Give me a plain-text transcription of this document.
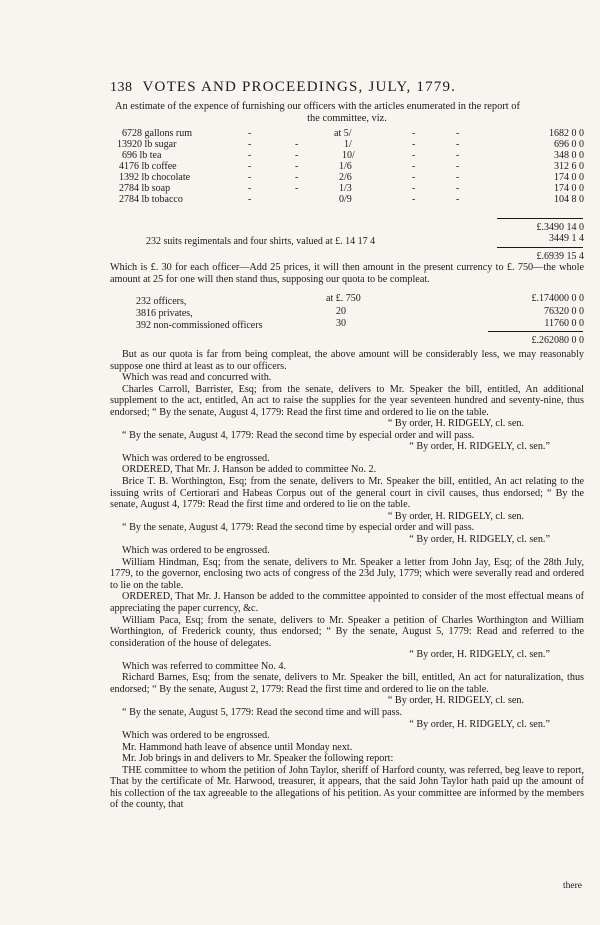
138 VOTES AND PROCEEDINGS, JULY, 1779.
An estimate of the expence of furnishing our officers with the articles enumerated in the report of
the committee, viz.
6728 gallons rum	at 5/	1682 0 0
13920 lb sugar	1/	696 0 0
696 lb tea	10/	348 0 0
4176 lb coffee	1/6	312 6 0
1392 lb chocolate	2/6	174 0 0
2784 lb soap	1/3	174 0 0
2784 lb tobacco	0/9	104 8 0
-
-
-
-
-
-
-
-
-
-
-
-
-
-
-
-
-
-
-
-
-
-
-
-
-
-
£.3490 14 0
232 suits regimentals and four shirts, valued at £. 14 17 4	3449 1 4
£.6939 15 4
Which is £. 30 for each officer—Add 25 prices, it will then amount in the present currency to £. 750—the whole amount at 25 for one will then stand thus, supposing our quota to be compleat.
232 officers,	at £. 750	£.174000 0 0
3816 privates,	20	76320 0 0
392 non-commissioned officers	30	11760 0 0
£.262080 0 0

But as our quota is far from being compleat, the above amount will be considerably less, we may reasonably suppose one third at least as to our officers.

Which was read and concurred with.

Charles Carroll, Barrister, Esq; from the senate, delivers to Mr. Speaker the bill, entitled, An additional supplement to the act, entitled, An act to raise the supplies for the year seventeen hundred and seventy-nine, thus endorsed; “ By the senate, August 4, 1779: Read the first time and ordered to lie on the table.

“ By order, H. RIDGELY, cl. sen.

“ By the senate, August 4, 1779: Read the second time by especial order and will pass.

“ By order, H. RIDGELY, cl. sen.”

Which was ordered to be engrossed.

ORDERED, That Mr. J. Hanson be added to committee No. 2.

Brice T. B. Worthington, Esq; from the senate, delivers to Mr. Speaker the bill, entitled, An act relating to the issuing writs of Certiorari and Habeas Corpus out of the general court in civil causes, thus endorsed; “ By the senate, August 4, 1779: Read the first time and ordered to lie on the table.

“ By order, H. RIDGELY, cl. sen.

“ By the senate, August 4, 1779: Read the second time by especial order and will pass.

“ By order, H. RIDGELY, cl. sen.”

Which was ordered to be engrossed.

William Hindman, Esq; from the senate, delivers to Mr. Speaker a letter from John Jay, Esq; of the 28th July, 1779, to the governor, enclosing two acts of congress of the 23d July, 1779; which were severally read and ordered to lie on the table.

ORDERED, That Mr. J. Hanson be added to the committee appointed to consider of the most effectual means of appreciating the paper currency, &c.

William Paca, Esq; from the senate, delivers to Mr. Speaker a petition of Charles Worthington and William Worthington, of Frederick county, thus endorsed; “ By the senate, August 5, 1779: Read and referred to the consideration of the house of delegates.

“ By order, H. RIDGELY, cl. sen.”

Which was referred to committee No. 4.

Richard Barnes, Esq; from the senate, delivers to Mr. Speaker the bill, entitled, An act for naturalization, thus endorsed; “ By the senate, August 2, 1779: Read the first time and ordered to lie on the table.

“ By order, H. RIDGELY, cl. sen.

“ By the senate, August 5, 1779: Read the second time and will pass.

“ By order, H. RIDGELY, cl. sen.”

Which was ordered to be engrossed.

Mr. Hammond hath leave of absence until Monday next.

Mr. Job brings in and delivers to Mr. Speaker the following report:

THE committee to whom the petition of John Taylor, sheriff of Harford county, was referred, beg leave to report, That by the certificate of Mr. Harwood, treasurer, it appears, that the said John Taylor hath paid up the amount of his collection of the tax agreeable to the allegations of his petition. As your committee are informed by the members of the county, that

there
